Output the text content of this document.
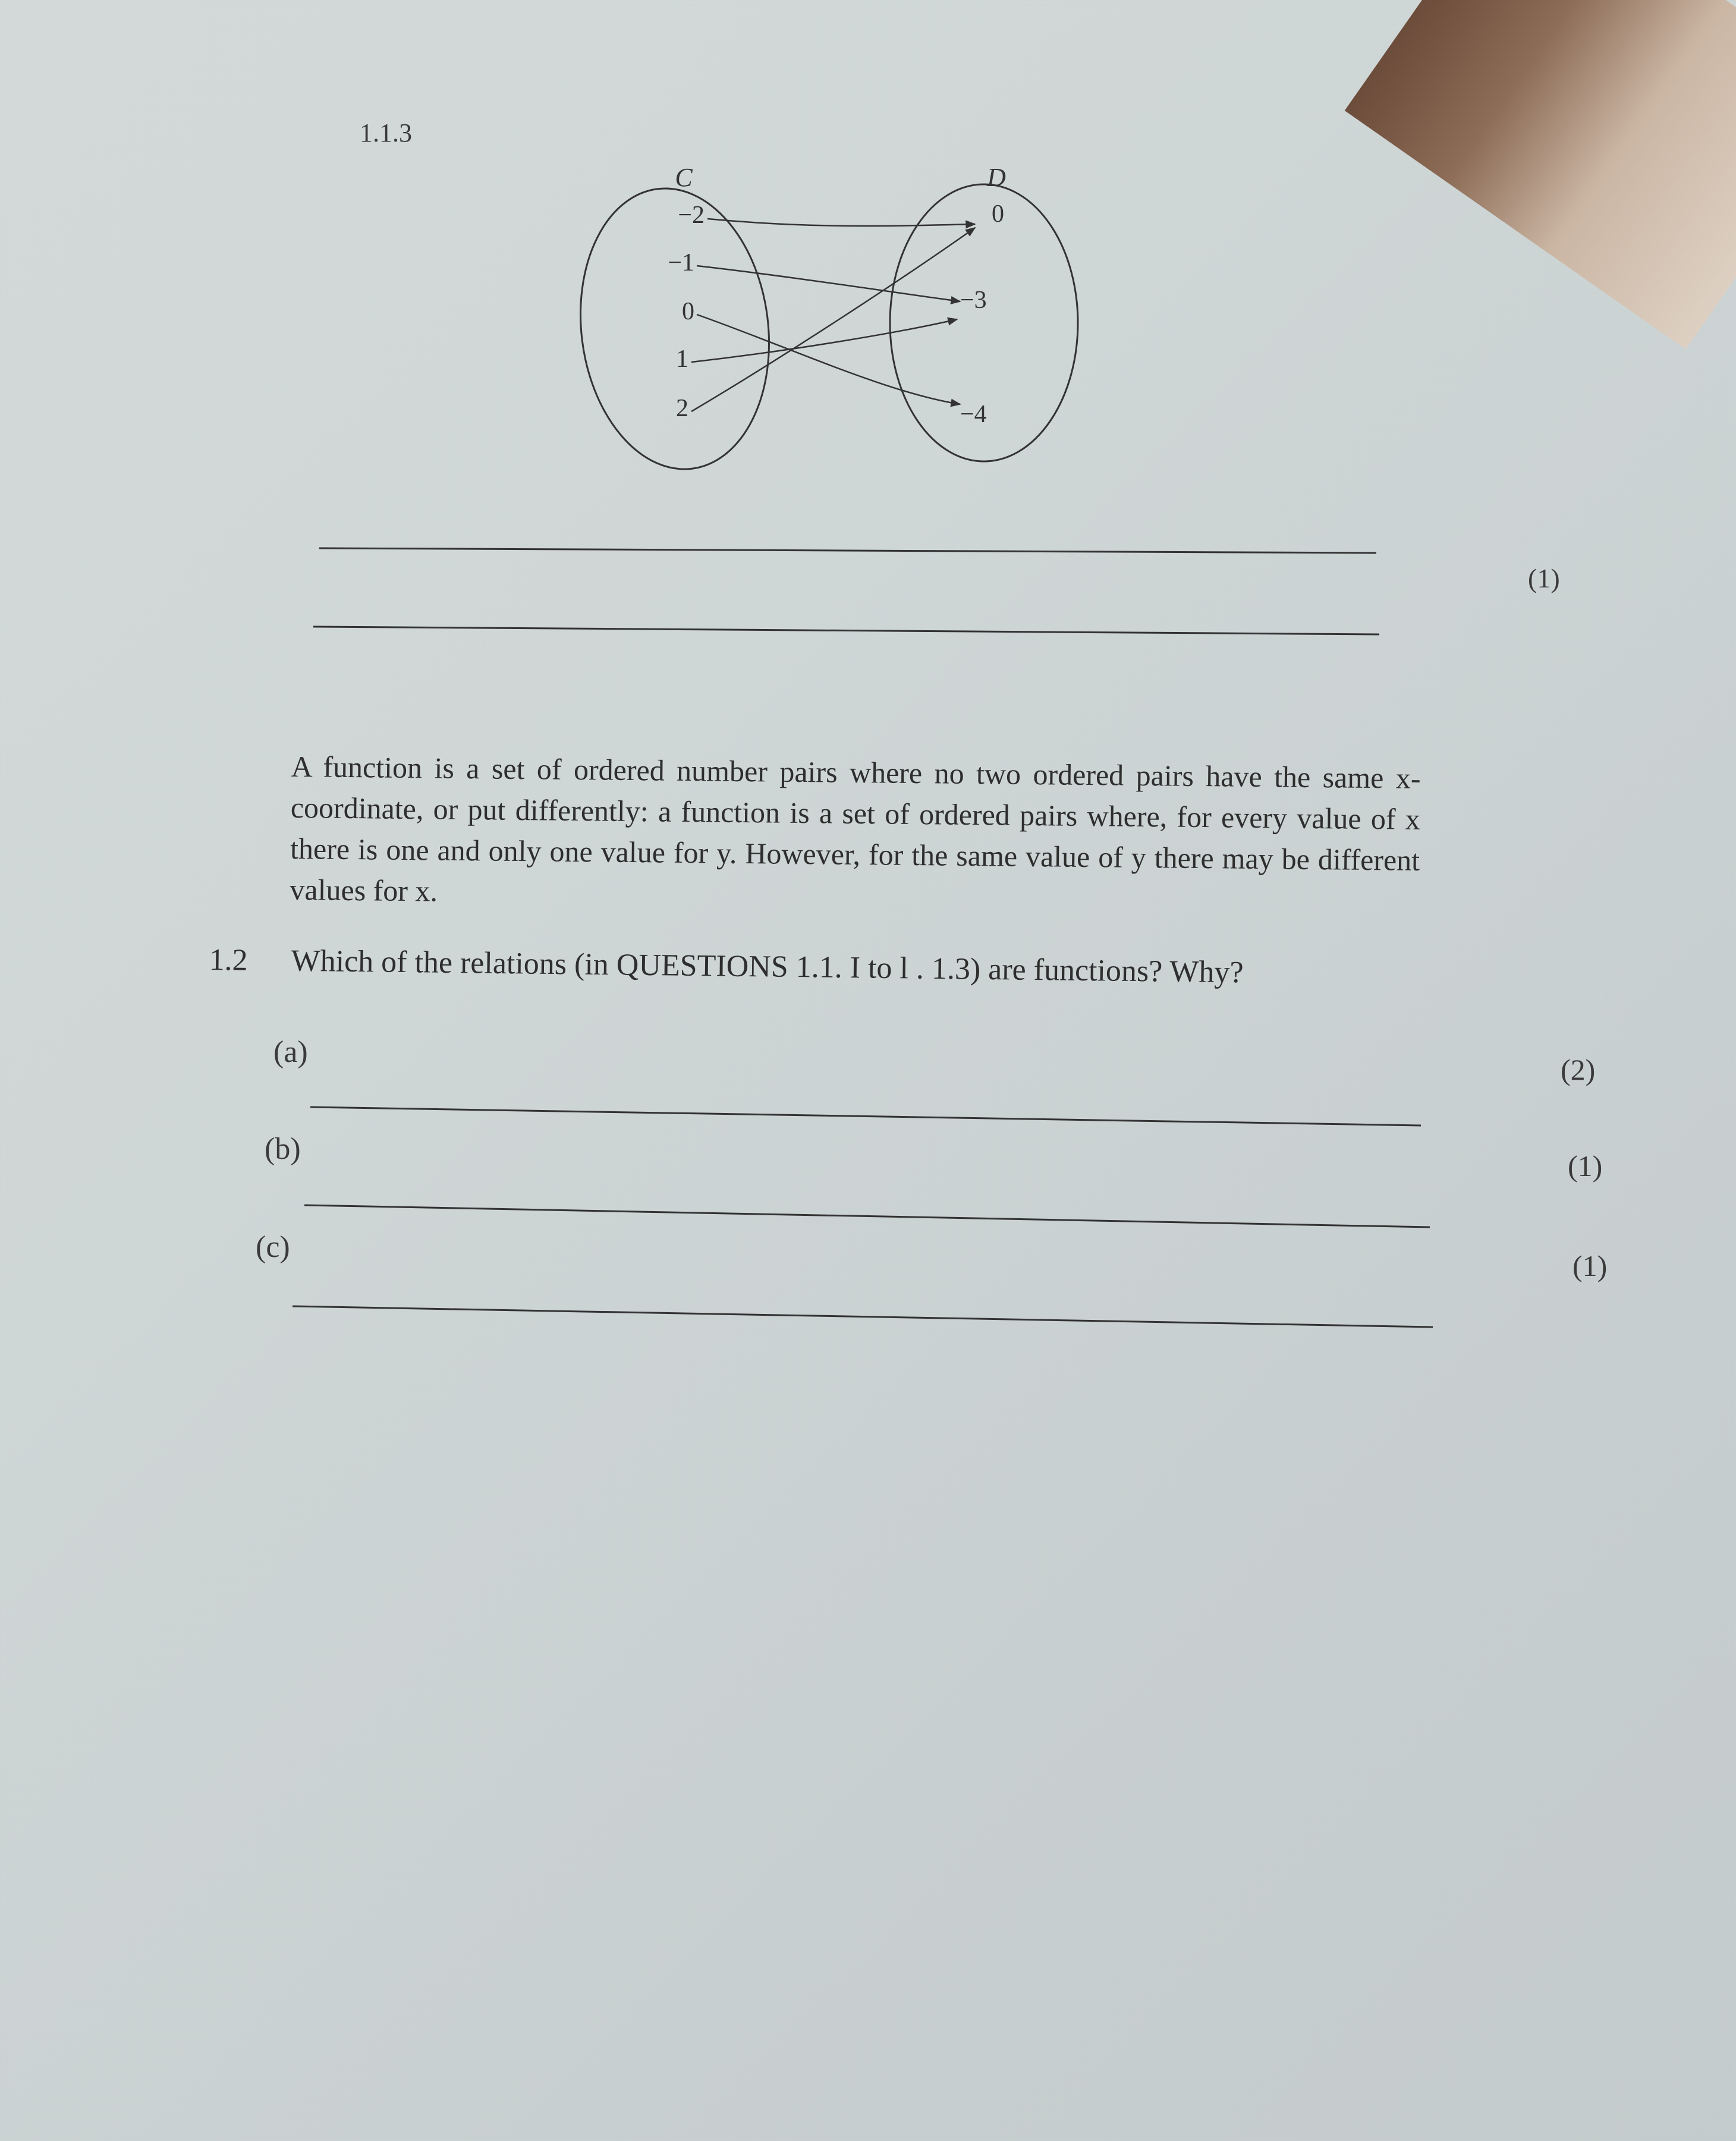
1.1.3
C	D
−2
−1
0
1
2
0
−3
−4
(1)

A function is a set of ordered number pairs where no two ordered pairs have the same x-coordinate, or put differently: a function is a set of ordered pairs where, for every value of x there is one and only one value for y. However, for the same value of y there may be different values for x.

1.2 Which of the relations (in QUESTIONS 1.1. I to l . 1.3) are functions? Why?
(a)
(2)
(b)	(1)
(c)
(1)
